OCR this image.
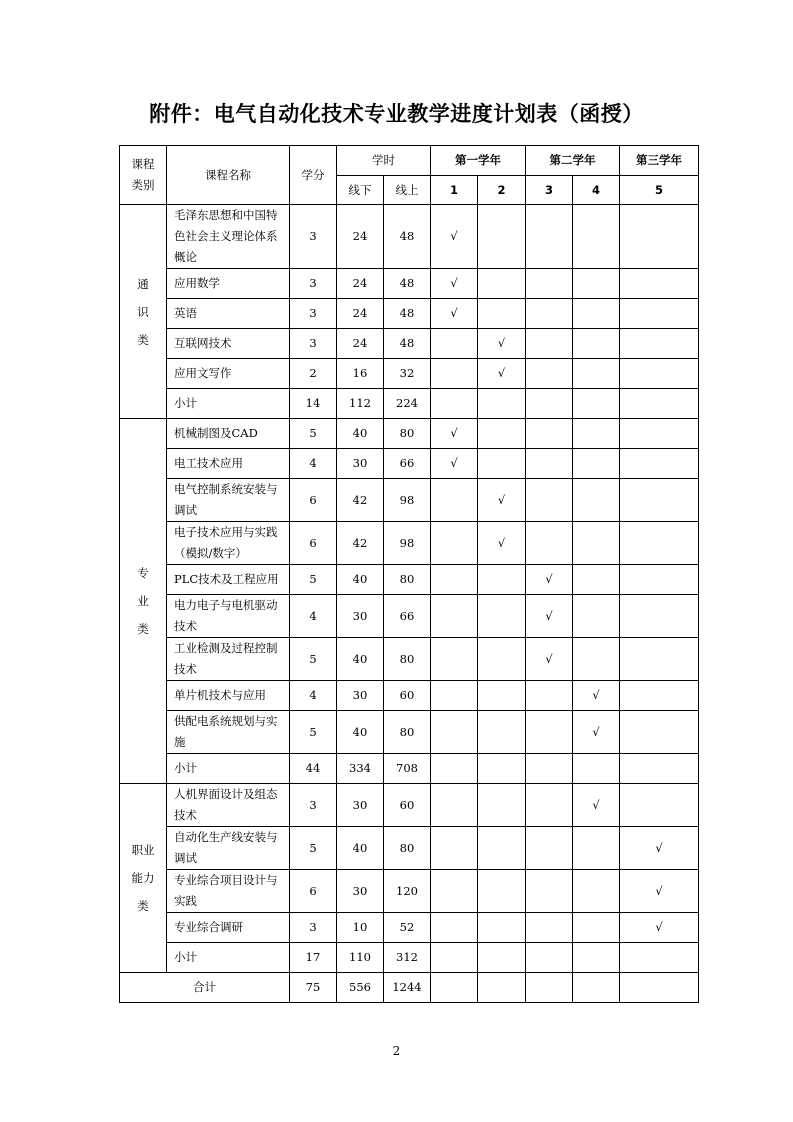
附件：电气自动化技术专业教学进度计划表（函授）
课程
类别	课程名称	学分	学时		第一学年		第二学年		第三学年
			线下	线上	1	2	3	4	5
通
识
类	毛泽东思想和中国特色社会主义理论体系概论	3	24	48	√				
	应用数学	3	24	48	√				
	英语	3	24	48	√				
	互联网技术	3	24	48		√			
	应用文写作	2	16	32		√			
	小计	14	112	224					
专
业
类	机械制图及CAD	5	40	80	√				
	电工技术应用	4	30	66	√				
	电气控制系统安装与调试	6	42	98		√			
	电子技术应用与实践（模拟/数字）	6	42	98		√			
	PLC技术及工程应用	5	40	80			√		
	电力电子与电机驱动技术	4	30	66			√		
	工业检测及过程控制技术	5	40	80			√		
	单片机技术与应用	4	30	60				√	
	供配电系统规划与实施	5	40	80				√	
	小计	44	334	708					
职业
能力
类	人机界面设计及组态技术	3	30	60				√	
	自动化生产线安装与调试	5	40	80					√
	专业综合项目设计与实践	6	30	120					√
	专业综合调研	3	10	52					√
	小计	17	110	312					
合计		75	556	1244					
2
